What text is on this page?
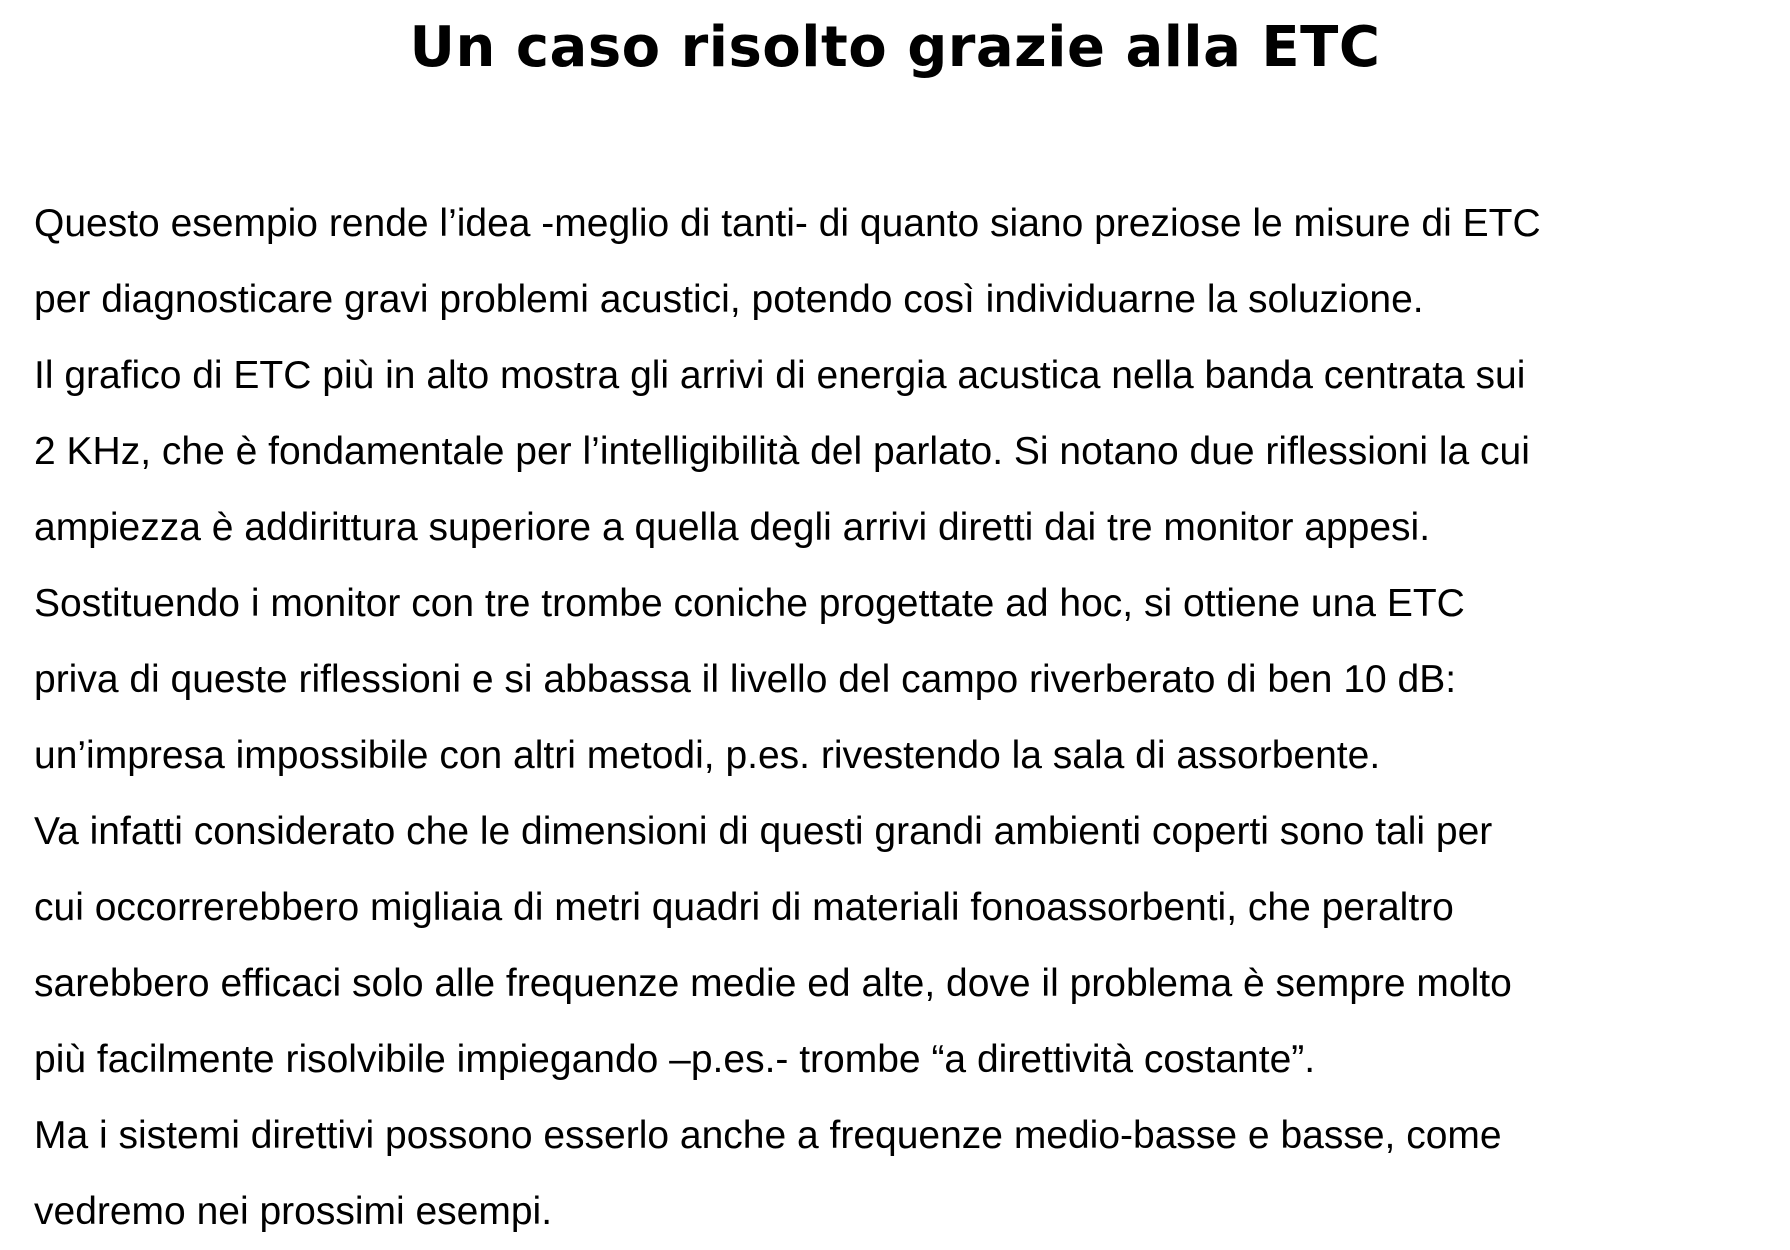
Un caso risolto grazie alla ETC
Questo esempio rende l’idea -meglio di tanti- di quanto siano preziose le misure di ETC
per diagnosticare gravi problemi acustici, potendo così individuarne la soluzione.
Il grafico di ETC più in alto mostra gli arrivi di energia acustica nella banda centrata sui
2 KHz, che è fondamentale per l’intelligibilità del parlato. Si notano due riflessioni la cui
ampiezza è addirittura superiore a quella degli arrivi diretti dai tre monitor appesi.
Sostituendo i monitor con tre trombe coniche progettate ad hoc, si ottiene una ETC
priva di queste riflessioni e si abbassa il livello del campo riverberato di ben 10 dB:
un’impresa impossibile con altri metodi, p.es. rivestendo la sala di assorbente.
Va infatti considerato che le dimensioni di questi grandi ambienti coperti sono tali per
cui occorrerebbero migliaia di metri quadri di materiali fonoassorbenti, che peraltro
sarebbero efficaci solo alle frequenze medie ed alte, dove il problema è sempre molto
più facilmente risolvibile impiegando –p.es.- trombe “a direttività costante”.
Ma i sistemi direttivi possono esserlo anche a frequenze medio-basse e basse, come
vedremo nei prossimi esempi.
